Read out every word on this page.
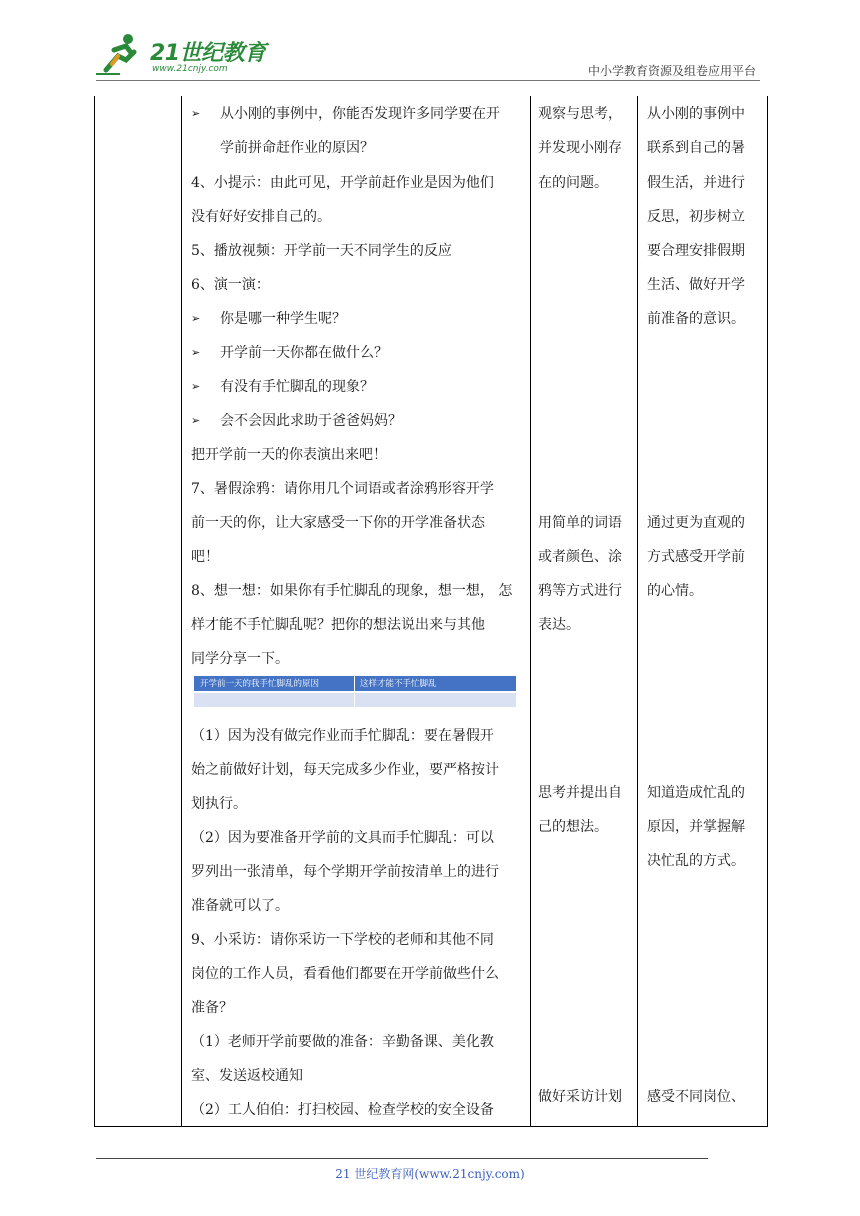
21世纪教育
www.21cnjy.com	中小学教育资源及组卷应用平台
➢ 从小刚的事例中，你能否发现许多同学要在开
学前拼命赶作业的原因？
4、小提示：由此可见，开学前赶作业是因为他们
没有好好安排自己的。
5、播放视频：开学前一天不同学生的反应
6、演一演：
➢ 你是哪一种学生呢？
➢ 开学前一天你都在做什么？
➢ 有没有手忙脚乱的现象？
➢ 会不会因此求助于爸爸妈妈？
把开学前一天的你表演出来吧！
7、暑假涂鸦：请你用几个词语或者涂鸦形容开学
前一天的你，让大家感受一下你的开学准备状态
吧！
8、想一想：如果你有手忙脚乱的现象，想一想， 怎
样才能不手忙脚乱呢？把你的想法说出来与其他
同学分享一下。
开学前一天的我手忙脚乱的原因	这样才能不手忙脚乱
（1）因为没有做完作业而手忙脚乱：要在暑假开
始之前做好计划，每天完成多少作业，要严格按计
划执行。
（2）因为要准备开学前的文具而手忙脚乱：可以
罗列出一张清单，每个学期开学前按清单上的进行
准备就可以了。
9、小采访：请你采访一下学校的老师和其他不同
岗位的工作人员，看看他们都要在开学前做些什么
准备？
（1）老师开学前要做的准备：辛勤备课、美化教
室、发送返校通知
（2）工人伯伯：打扫校园、检查学校的安全设备
观察与思考，
并发现小刚存
在的问题。
用简单的词语
或者颜色、涂
鸦等方式进行
表达。
思考并提出自
己的想法。
做好采访计划
从小刚的事例中
联系到自己的暑
假生活，并进行
反思，初步树立
要合理安排假期
生活、做好开学
前准备的意识。
通过更为直观的
方式感受开学前
的心情。
知道造成忙乱的
原因，并掌握解
决忙乱的方式。
感受不同岗位、
21 世纪教育网(www.21cnjy.com)
